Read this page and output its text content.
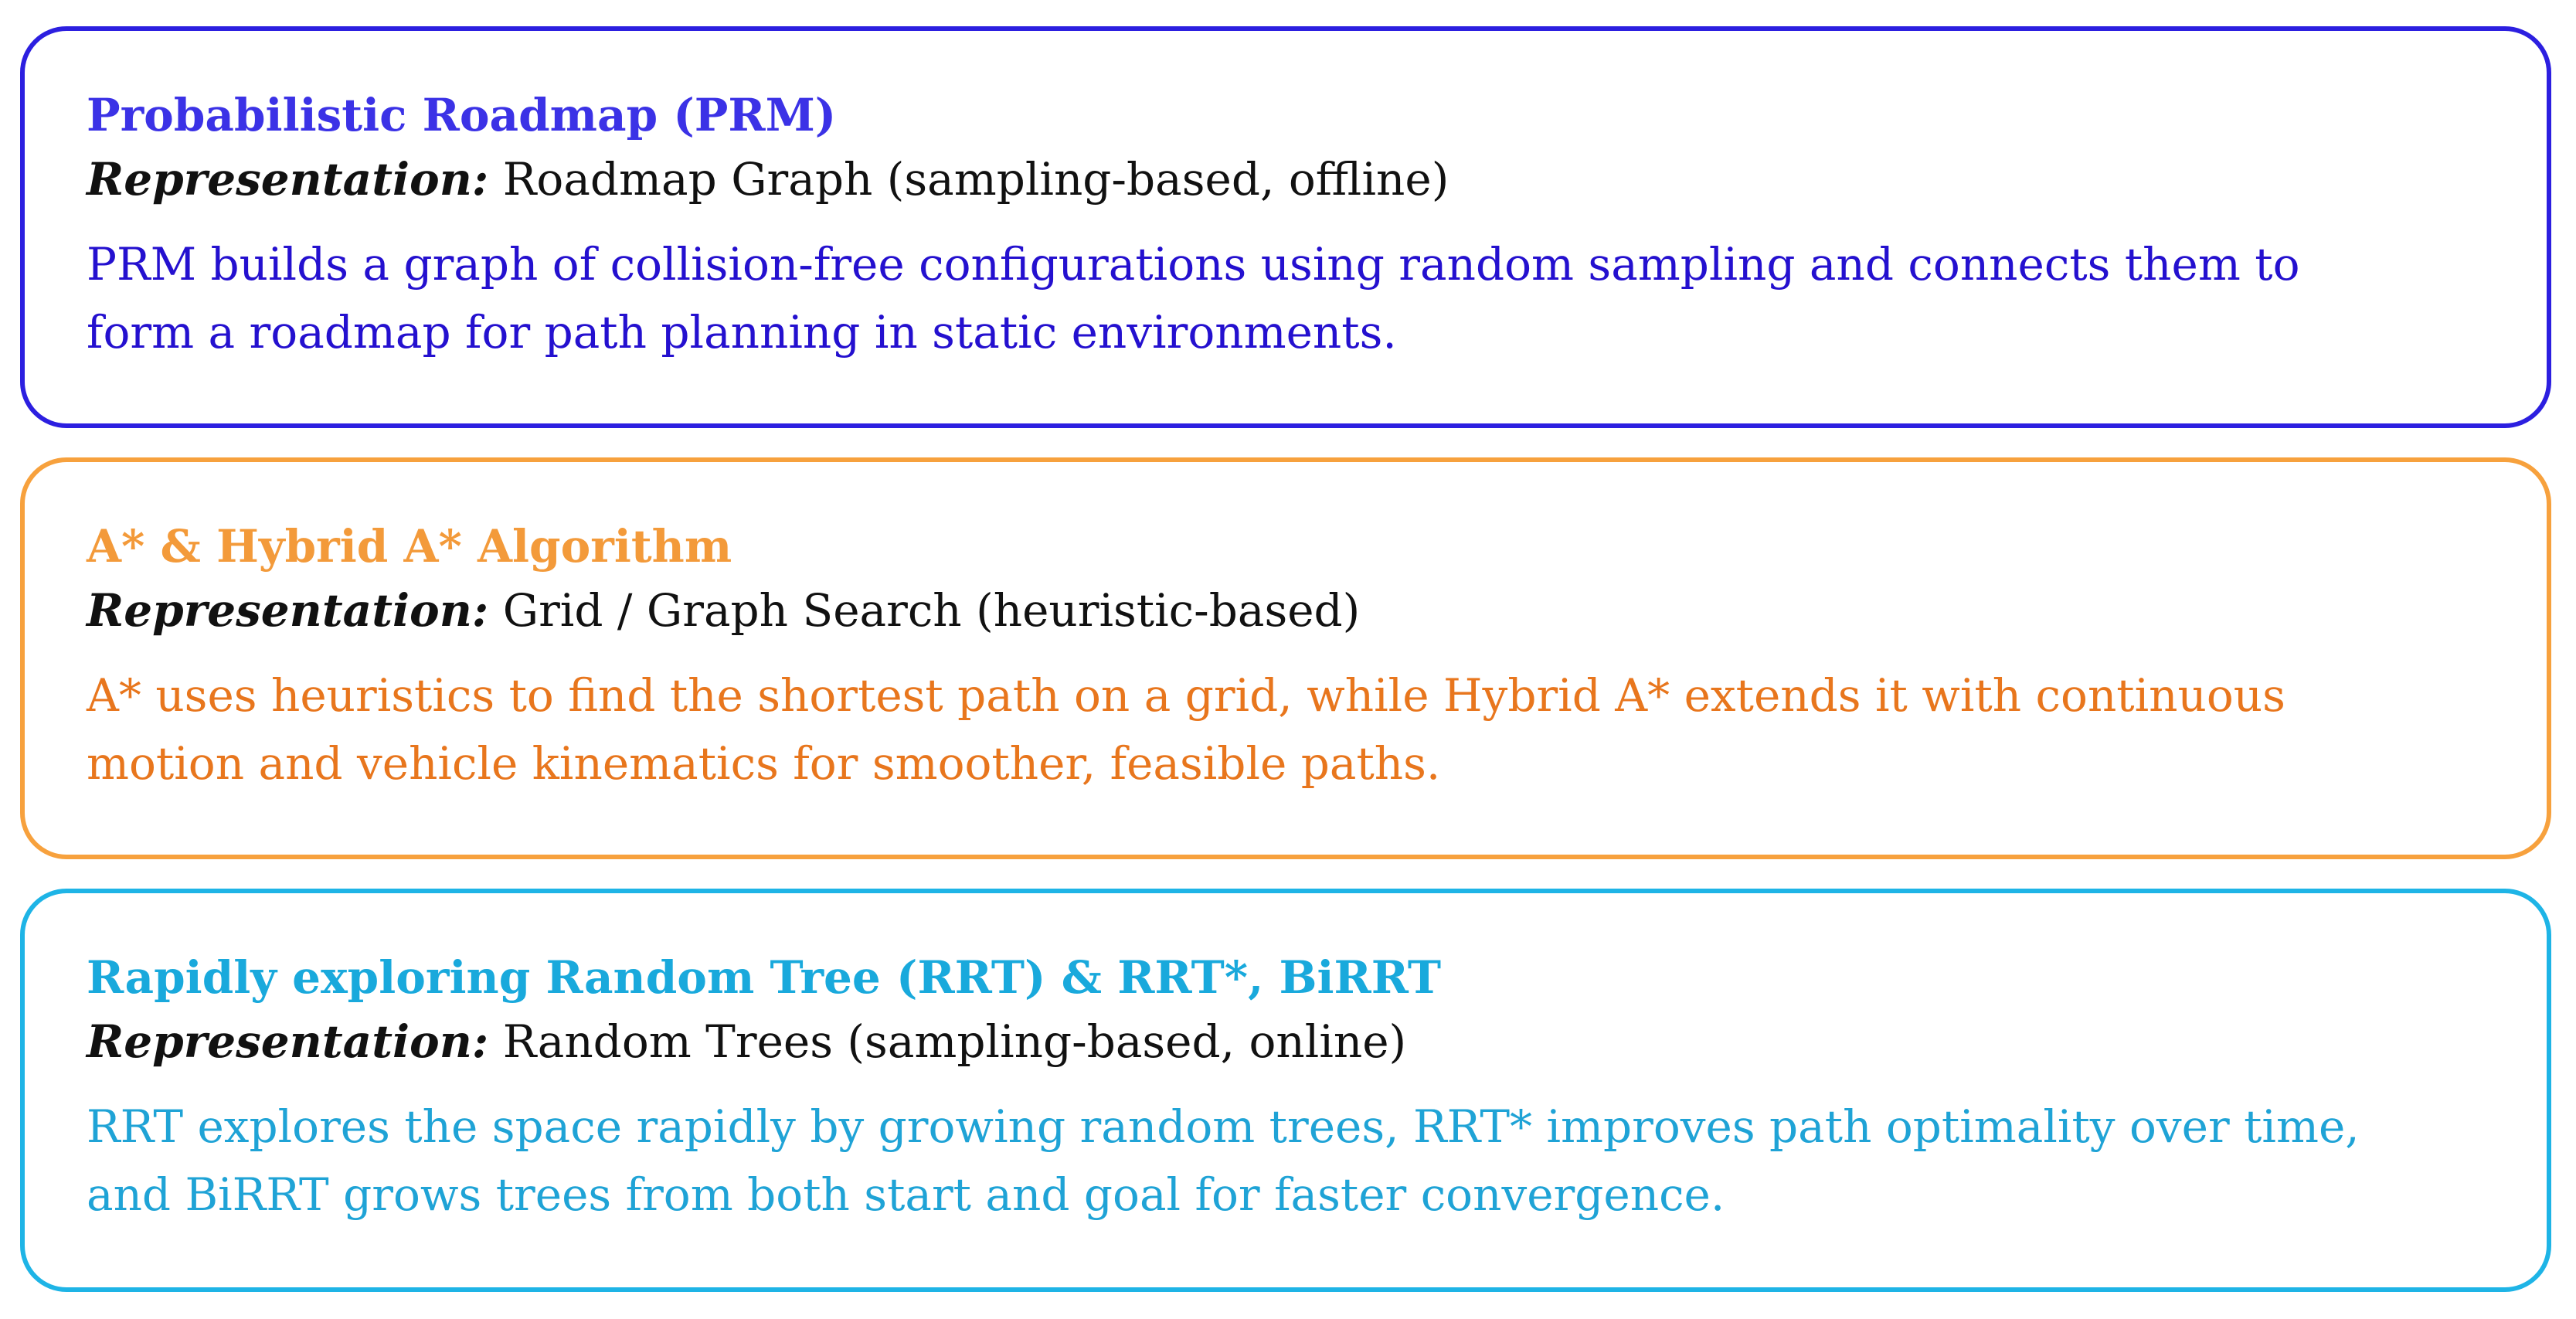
Probabilistic Roadmap (PRM)
Representation: Roadmap Graph (sampling-based, offline)
PRM builds a graph of collision-free configurations using random sampling and connects them to
form a roadmap for path planning in static environments.
A* & Hybrid A* Algorithm
Representation: Grid / Graph Search (heuristic-based)
A* uses heuristics to find the shortest path on a grid, while Hybrid A* extends it with continuous
motion and vehicle kinematics for smoother, feasible paths.
Rapidly exploring Random Tree (RRT) & RRT*, BiRRT
Representation: Random Trees (sampling-based, online)
RRT explores the space rapidly by growing random trees, RRT* improves path optimality over time,
and BiRRT grows trees from both start and goal for faster convergence.
